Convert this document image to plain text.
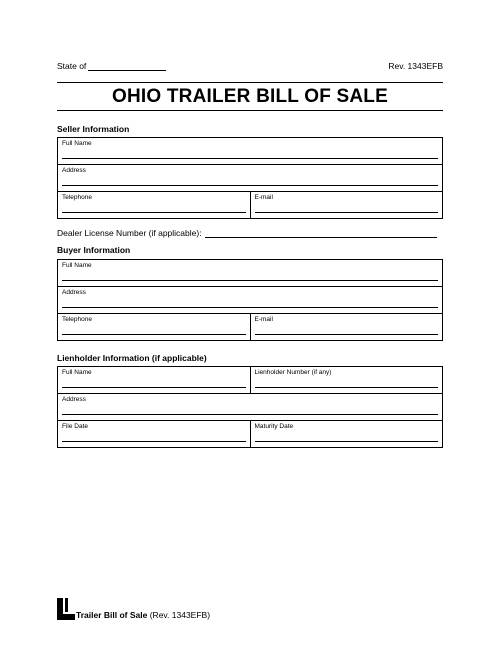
State of	Rev. 1343EFB
OHIO TRAILER BILL OF SALE
Seller Information
Full Name
Address
Telephone	E-mail
Dealer License Number (if applicable):
Buyer Information
Full Name
Address
Telephone	E-mail
Lienholder Information (if applicable)
Full Name	Lienholder Number (if any)
Address
File Date	Maturity Date
Trailer Bill of Sale (Rev. 1343EFB)
